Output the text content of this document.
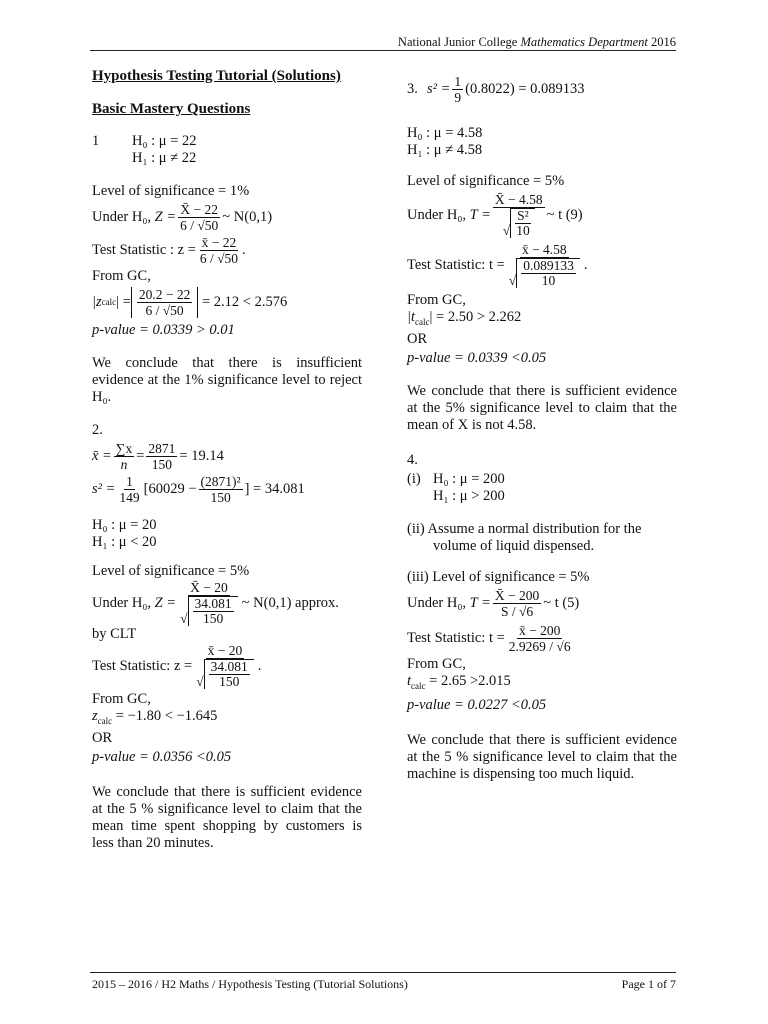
National Junior College Mathematics Department 2016

Hypothesis Testing Tutorial (Solutions)

Basic Mastery Questions

1	H₀ : μ = 22
H₁ : μ ≠ 22
Level of significance = 1%
Under H₀,
$Z = \frac{X̄ - 22}{6 / √50}$ ~ N(0,1)
Test Statistic : $z = \frac{x̄ - 22}{6 / √50}$ .
From GC,
|z calc | = $\frac{20.2 - 22}{6 / √50}$
= 2.12 < 2.576
p-value = 0.0339 > 0.01

We conclude that there is insufficient evidence at the 1% significance level to reject H₀.

2.
x̄ = $\frac{\sum x}{n} = \frac{2871}{150} = 19.14$
$s^2 = \frac{1}{149} [60029 - \frac{\text{(2871)²}}{150}$ ] = 34.081
H₀ : μ = 20
H₁ : μ < 20
Level of significance = 5%
Under H₀,
Z = X̄ − 20
√
34.081
150 ~ N(0,1) approx.
by CLT
Test Statistic: z = x̄ − 20
√
34.081
150 .
From GC,
$z_{calc} = -1.80 < -1.645$
OR
p-value = 0.0356 <0.05

We conclude that there is sufficient evidence at the 5 % significance level to claim that the mean time spent shopping by customers is less than 20 minutes.

3. $s^2 = \frac{1}{9} (0.8022) = 0.089133$
H₀ : μ = 4.58
H₁ : μ ≠ 4.58
Level of significance = 5%
Under H₀,
T = X̄ − 4.58
√
S²
10 ~ t (9)
Test Statistic: t = x̄ − 4.58
√
0.089133
10 .
From GC,
$|t_{calc}| = 2.50 > 2.262$
OR
p-value = 0.0339 <0.05

We conclude that there is sufficient evidence at the 5% significance level to claim that the mean of X is not 4.58.

4.
(i) H₀ : μ = 200
H₁ : μ > 200

(ii) Assume a normal distribution for the volume of liquid dispensed.

(iii) Level of significance = 5%
Under H₀,
$T = \frac{X̄ - 200}{S / √6}$ ~ t (5)
Test Statistic: $t = \frac{x̄ - 200}{2.9269 / √6}$
From GC,
$t_{calc} = 2.65 >2.015$
p-value = 0.0227 <0.05

We conclude that there is sufficient evidence at the 5 % significance level to claim that the machine is dispensing too much liquid.

2015 – 2016 / H2 Maths / Hypothesis Testing (Tutorial Solutions)	Page 1 of 7
